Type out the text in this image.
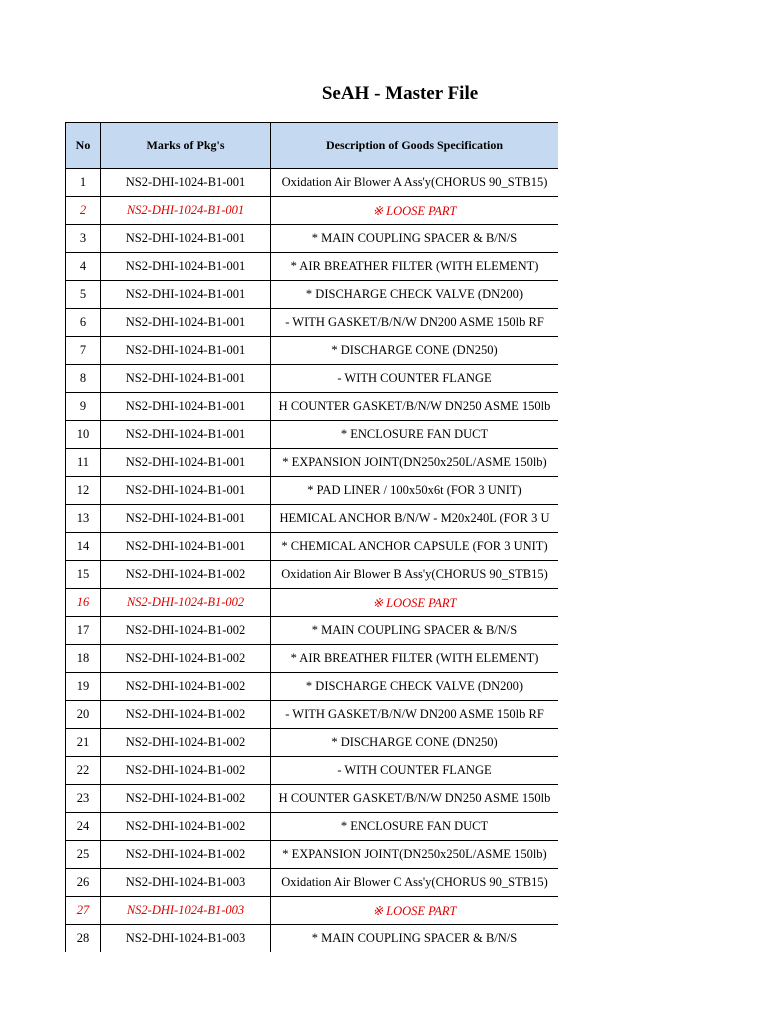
SeAH - Master File
No	Marks of Pkg's	Description of Goods Specification
1	NS2-DHI-1024-B1-001	Oxidation Air Blower A Ass'y(CHORUS 90_STB15)
2	NS2-DHI-1024-B1-001	※ LOOSE PART
3	NS2-DHI-1024-B1-001	* MAIN COUPLING SPACER & B/N/S
4	NS2-DHI-1024-B1-001	* AIR BREATHER FILTER (WITH ELEMENT)
5	NS2-DHI-1024-B1-001	* DISCHARGE CHECK VALVE (DN200)
6	NS2-DHI-1024-B1-001	- WITH GASKET/B/N/W DN200 ASME 150lb RF
7	NS2-DHI-1024-B1-001	* DISCHARGE CONE (DN250)
8	NS2-DHI-1024-B1-001	- WITH COUNTER FLANGE
9	NS2-DHI-1024-B1-001	H COUNTER GASKET/B/N/W DN250 ASME 150lb
10	NS2-DHI-1024-B1-001	* ENCLOSURE FAN DUCT
11	NS2-DHI-1024-B1-001	* EXPANSION JOINT(DN250x250L/ASME 150lb)
12	NS2-DHI-1024-B1-001	* PAD LINER / 100x50x6t (FOR 3 UNIT)
13	NS2-DHI-1024-B1-001	HEMICAL ANCHOR B/N/W - M20x240L (FOR 3 U
14	NS2-DHI-1024-B1-001	* CHEMICAL ANCHOR CAPSULE (FOR 3 UNIT)
15	NS2-DHI-1024-B1-002	Oxidation Air Blower B Ass'y(CHORUS 90_STB15)
16	NS2-DHI-1024-B1-002	※ LOOSE PART
17	NS2-DHI-1024-B1-002	* MAIN COUPLING SPACER & B/N/S
18	NS2-DHI-1024-B1-002	* AIR BREATHER FILTER (WITH ELEMENT)
19	NS2-DHI-1024-B1-002	* DISCHARGE CHECK VALVE (DN200)
20	NS2-DHI-1024-B1-002	- WITH GASKET/B/N/W DN200 ASME 150lb RF
21	NS2-DHI-1024-B1-002	* DISCHARGE CONE (DN250)
22	NS2-DHI-1024-B1-002	- WITH COUNTER FLANGE
23	NS2-DHI-1024-B1-002	H COUNTER GASKET/B/N/W DN250 ASME 150lb
24	NS2-DHI-1024-B1-002	* ENCLOSURE FAN DUCT
25	NS2-DHI-1024-B1-002	* EXPANSION JOINT(DN250x250L/ASME 150lb)
26	NS2-DHI-1024-B1-003	Oxidation Air Blower C Ass'y(CHORUS 90_STB15)
27	NS2-DHI-1024-B1-003	※ LOOSE PART
28	NS2-DHI-1024-B1-003	* MAIN COUPLING SPACER & B/N/S
